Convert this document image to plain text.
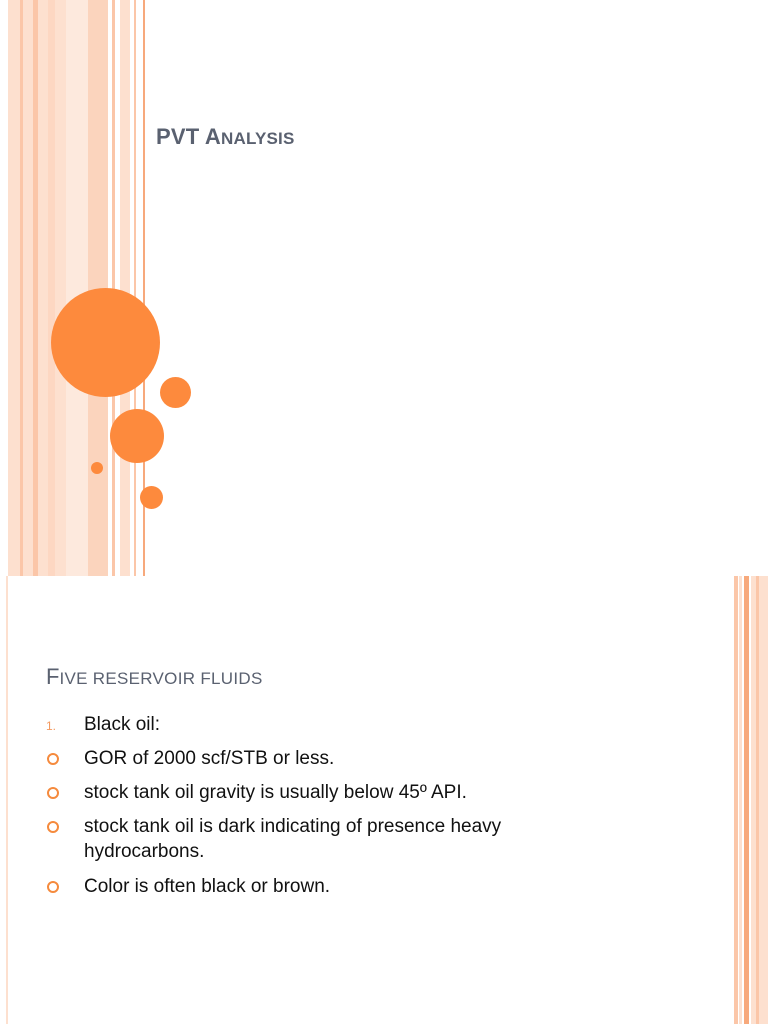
PVT ANALYSIS
FIVE RESERVOIR FLUIDS
1. Black oil:
GOR of 2000 scf/STB or less.
stock tank oil gravity is usually below 45º API.
stock tank oil is dark indicating of presence heavy hydrocarbons.
Color is often black or brown.
